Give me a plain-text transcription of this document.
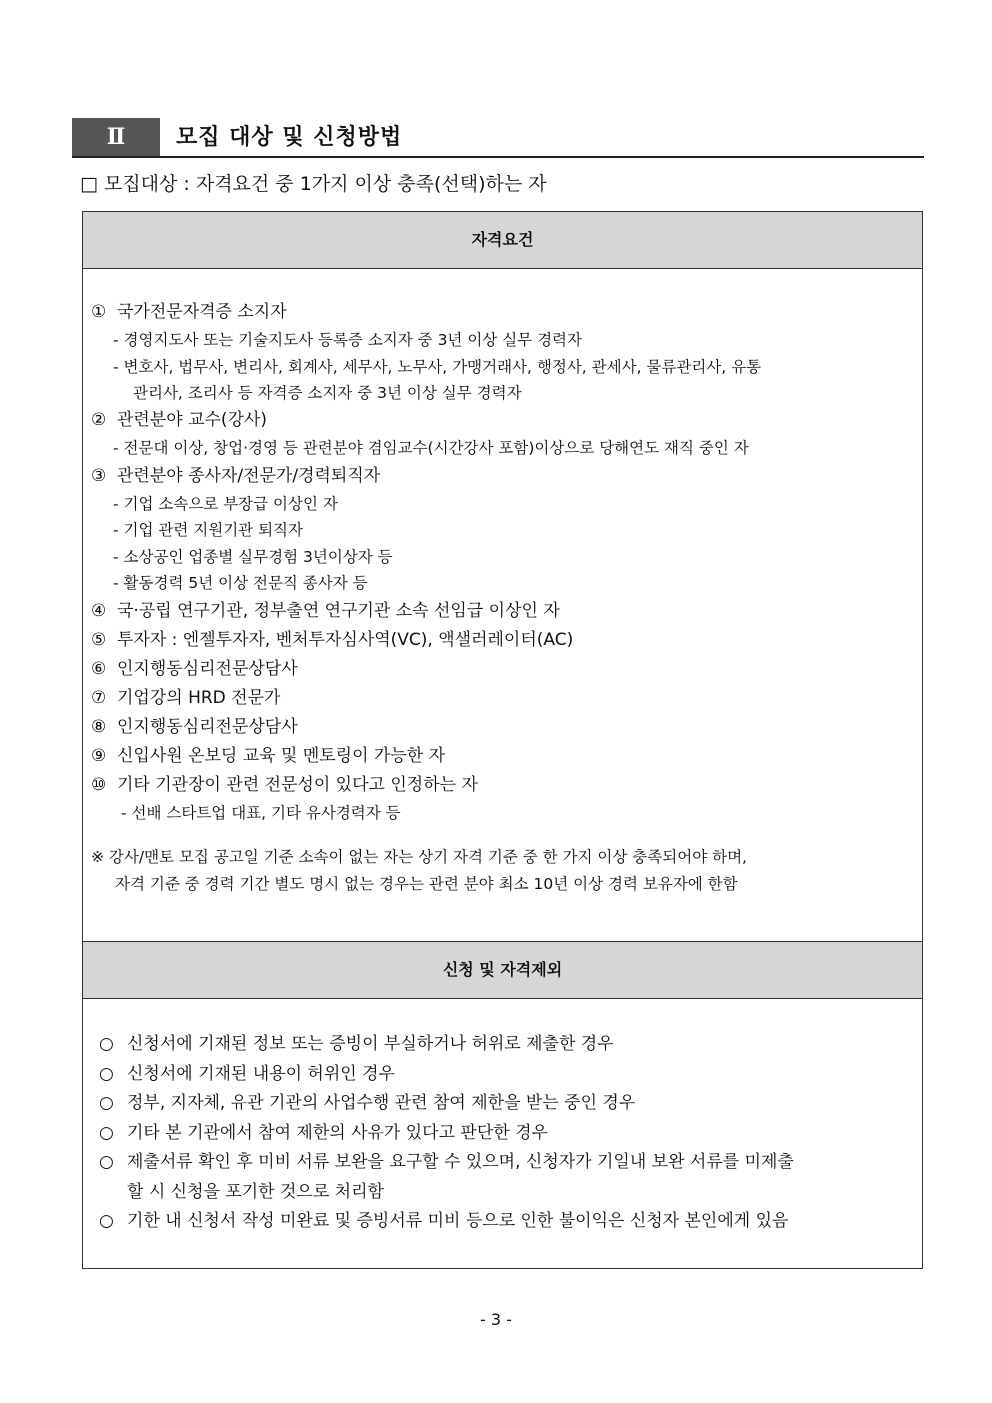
Ⅱ	모집 대상 및 신청방법
□ 모집대상 : 자격요건 중 1가지 이상 충족(선택)하는 자
자격요건
① 국가전문자격증 소지자
- 경영지도사 또는 기술지도사 등록증 소지자 중 3년 이상 실무 경력자
- 변호사, 법무사, 변리사, 회계사, 세무사, 노무사, 가맹거래사, 행정사, 관세사, 물류관리사, 유통
관리사, 조리사 등 자격증 소지자 중 3년 이상 실무 경력자
② 관련분야 교수(강사)
- 전문대 이상, 창업‧경영 등 관련분야 겸임교수(시간강사 포함)이상으로 당해연도 재직 중인 자
③ 관련분야 종사자/전문가/경력퇴직자
- 기업 소속으로 부장급 이상인 자
- 기업 관련 지원기관 퇴직자
- 소상공인 업종별 실무경험 3년이상자 등
- 활동경력 5년 이상 전문직 종사자 등
④ 국·공립 연구기관, 정부출연 연구기관 소속 선임급 이상인 자
⑤ 투자자 : 엔젤투자자, 벤처투자심사역(VC), 액샐러레이터(AC)
⑥ 인지행동심리전문상담사
⑦ 기업강의 HRD 전문가
⑧ 인지행동심리전문상담사
⑨ 신입사원 온보딩 교육 및 멘토링이 가능한 자
⑩ 기타 기관장이 관련 전문성이 있다고 인정하는 자
- 선배 스타트업 대표, 기타 유사경력자 등
※ 강사/맨토 모집 공고일 기준 소속이 없는 자는 상기 자격 기준 중 한 가지 이상 충족되어야 하며,
자격 기준 중 경력 기간 별도 명시 없는 경우는 관련 분야 최소 10년 이상 경력 보유자에 한함
신청 및 자격제외
○ 신청서에 기재된 정보 또는 증빙이 부실하거나 허위로 제출한 경우
○ 신청서에 기재된 내용이 허위인 경우
○ 정부, 지자체, 유관 기관의 사업수행 관련 참여 제한을 받는 중인 경우
○ 기타 본 기관에서 참여 제한의 사유가 있다고 판단한 경우
○ 제출서류 확인 후 미비 서류 보완을 요구할 수 있으며, 신청자가 기일내 보완 서류를 미제출
할 시 신청을 포기한 것으로 처리함
○ 기한 내 신청서 작성 미완료 및 증빙서류 미비 등으로 인한 불이익은 신청자 본인에게 있음
- 3 -
